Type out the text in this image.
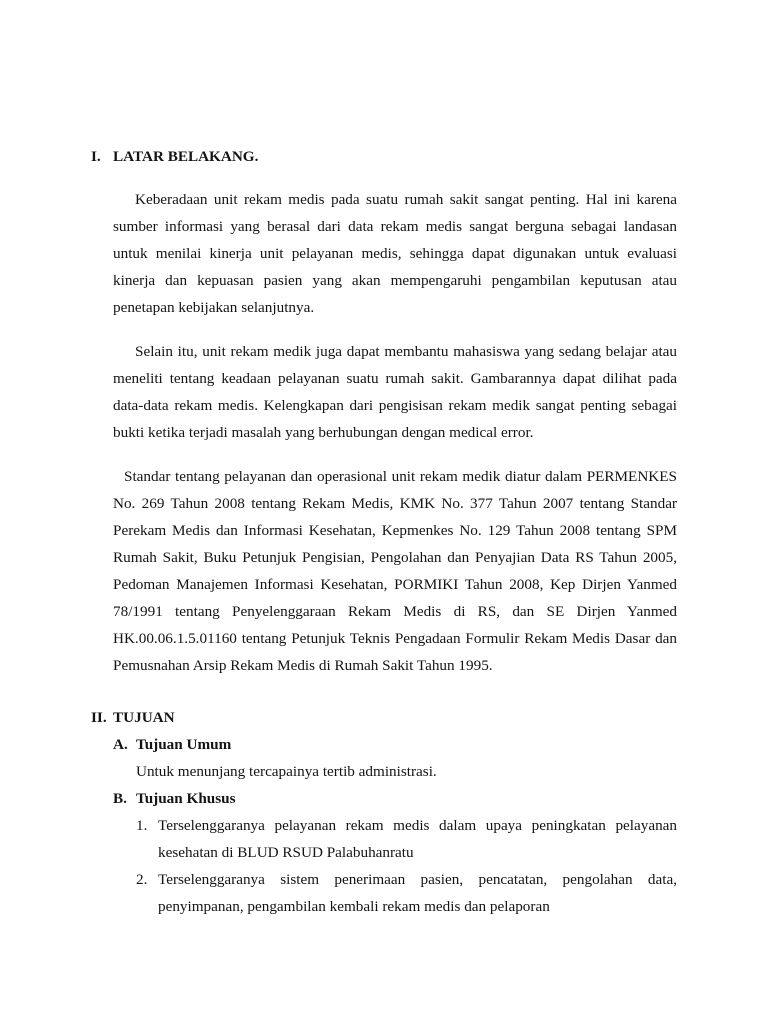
I. LATAR BELAKANG.

Keberadaan unit rekam medis pada suatu rumah sakit sangat penting. Hal ini karena sumber informasi yang berasal dari data rekam medis sangat berguna sebagai landasan untuk menilai kinerja unit pelayanan medis, sehingga dapat digunakan untuk evaluasi kinerja dan kepuasan pasien yang akan mempengaruhi pengambilan keputusan atau penetapan kebijakan selanjutnya.

Selain itu, unit rekam medik juga dapat membantu mahasiswa yang sedang belajar atau meneliti tentang keadaan pelayanan suatu rumah sakit. Gambarannya dapat dilihat pada data-data rekam medis. Kelengkapan dari pengisisan rekam medik sangat penting sebagai bukti ketika terjadi masalah yang berhubungan dengan medical error.

Standar tentang pelayanan dan operasional unit rekam medik diatur dalam PERMENKES No. 269 Tahun 2008 tentang Rekam Medis, KMK No. 377 Tahun 2007 tentang Standar Perekam Medis dan Informasi Kesehatan, Kepmenkes No. 129 Tahun 2008 tentang SPM Rumah Sakit, Buku Petunjuk Pengisian, Pengolahan dan Penyajian Data RS Tahun 2005, Pedoman Manajemen Informasi Kesehatan, PORMIKI Tahun 2008, Kep Dirjen Yanmed 78/1991 tentang Penyelenggaraan Rekam Medis di RS, dan SE Dirjen Yanmed HK.00.06.1.5.01160 tentang Petunjuk Teknis Pengadaan Formulir Rekam Medis Dasar dan Pemusnahan Arsip Rekam Medis di Rumah Sakit Tahun 1995.

II. TUJUAN
A. Tujuan Umum

Untuk menunjang tercapainya tertib administrasi.

B. Tujuan Khusus
1. Terselenggaranya pelayanan rekam medis dalam upaya peningkatan pelayanan kesehatan di BLUD RSUD Palabuhanratu

2. Terselenggaranya sistem penerimaan pasien, pencatatan, pengolahan data, penyimpanan, pengambilan kembali rekam medis dan pelaporan
